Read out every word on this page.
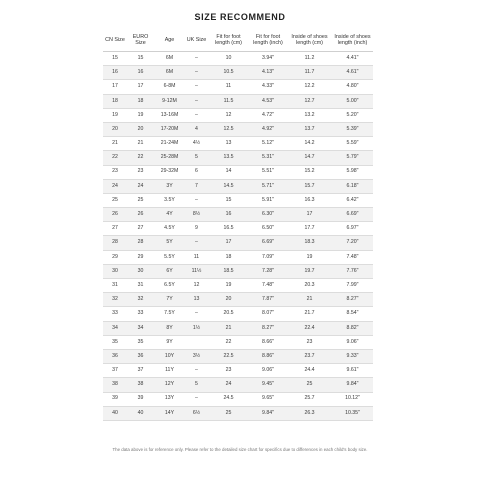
SIZE RECOMMEND
CN Size	EURO Size	Age	UK Size	Fit for foot length (cm)	Fit for foot length (inch)	Inside of shoes length (cm)	Inside of shoes length (inch)
15	15	6M	–	10	3.94"	11.2	4.41"
16	16	6M	–	10.5	4.13"	11.7	4.61"
17	17	6-8M	–	11	4.33"	12.2	4.80"
18	18	9-12M	–	11.5	4.53"	12.7	5.00"
19	19	13-16M	–	12	4.72"	13.2	5.20"
20	20	17-20M	4	12.5	4.92"	13.7	5.39"
21	21	21-24M	4½	13	5.12"	14.2	5.59"
22	22	25-28M	5	13.5	5.31"	14.7	5.79"
23	23	29-32M	6	14	5.51"	15.2	5.98"
24	24	3Y	7	14.5	5.71"	15.7	6.18"
25	25	3.5Y	–	15	5.91"	16.3	6.42"
26	26	4Y	8½	16	6.30"	17	6.69"
27	27	4.5Y	9	16.5	6.50"	17.7	6.97"
28	28	5Y	–	17	6.69"	18.3	7.20"
29	29	5.5Y	11	18	7.09"	19	7.48"
30	30	6Y	11½	18.5	7.28"	19.7	7.76"
31	31	6.5Y	12	19	7.48"	20.3	7.99"
32	32	7Y	13	20	7.87"	21	8.27"
33	33	7.5Y	–	20.5	8.07"	21.7	8.54"
34	34	8Y	1½	21	8.27"	22.4	8.82"
35	35	9Y		22	8.66"	23	9.06"
36	36	10Y	3½	22.5	8.86"	23.7	9.33"
37	37	11Y	–	23	9.06"	24.4	9.61"
38	38	12Y	5	24	9.45"	25	9.84"
39	39	13Y	–	24.5	9.65"	25.7	10.12"
40	40	14Y	6½	25	9.84"	26.3	10.35"
The data above is for reference only. Please refer to the detailed size chart for specifics due to differences in each child's body size.
